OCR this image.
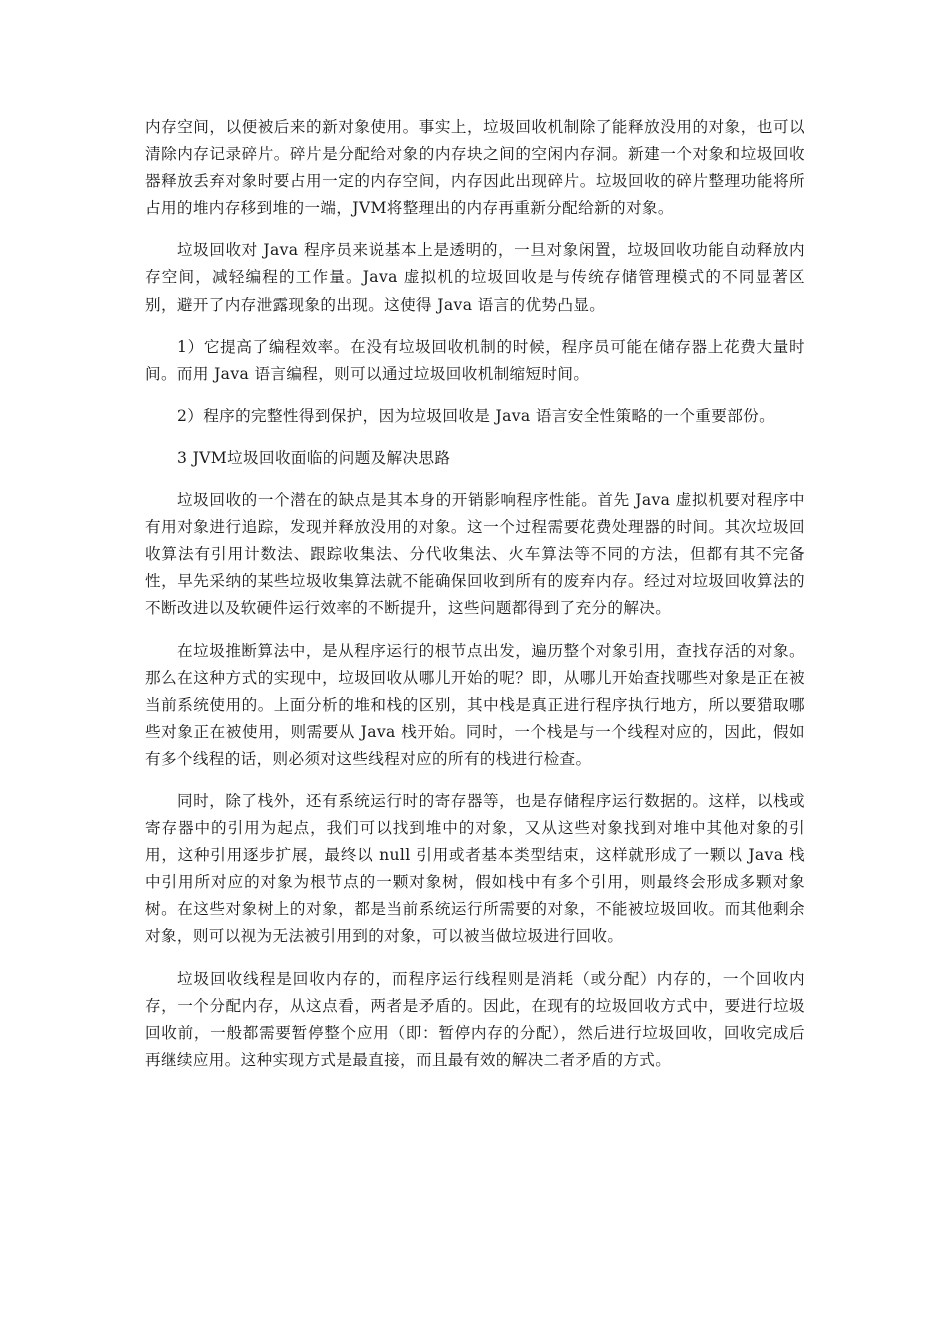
内存空间，以便被后来的新对象使用。事实上，垃圾回收机制除了能释放没用的对象，也可以清除内存记录碎片。碎片是分配给对象的内存块之间的空闲内存洞。新建一个对象和垃圾回收器释放丢弃对象时要占用一定的内存空间，内存因此出现碎片。垃圾回收的碎片整理功能将所占用的堆内存移到堆的一端，JVM将整理出的内存再重新分配给新的对象。

垃圾回收对 Java 程序员来说基本上是透明的，一旦对象闲置，垃圾回收功能自动释放内存空间，减轻编程的工作量。Java 虚拟机的垃圾回收是与传统存储管理模式的不同显著区别，避开了内存泄露现象的出现。这使得 Java 语言的优势凸显。

1）它提高了编程效率。在没有垃圾回收机制的时候，程序员可能在储存器上花费大量时间。而用 Java 语言编程，则可以通过垃圾回收机制缩短时间。

2）程序的完整性得到保护，因为垃圾回收是 Java 语言安全性策略的一个重要部份。

3 JVM垃圾回收面临的问题及解决思路

垃圾回收的一个潜在的缺点是其本身的开销影响程序性能。首先 Java 虚拟机要对程序中有用对象进行追踪，发现并释放没用的对象。这一个过程需要花费处理器的时间。其次垃圾回收算法有引用计数法、跟踪收集法、分代收集法、火车算法等不同的方法，但都有其不完备性，早先采纳的某些垃圾收集算法就不能确保回收到所有的废弃内存。经过对垃圾回收算法的不断改进以及软硬件运行效率的不断提升，这些问题都得到了充分的解决。

在垃圾推断算法中，是从程序运行的根节点出发，遍历整个对象引用，查找存活的对象。那么在这种方式的实现中，垃圾回收从哪儿开始的呢？即，从哪儿开始查找哪些对象是正在被当前系统使用的。上面分析的堆和栈的区别，其中栈是真正进行程序执行地方，所以要猎取哪些对象正在被使用，则需要从 Java 栈开始。同时，一个栈是与一个线程对应的，因此，假如有多个线程的话，则必须对这些线程对应的所有的栈进行检查。

同时，除了栈外，还有系统运行时的寄存器等，也是存储程序运行数据的。这样，以栈或寄存器中的引用为起点，我们可以找到堆中的对象，又从这些对象找到对堆中其他对象的引用，这种引用逐步扩展，最终以 null 引用或者基本类型结束，这样就形成了一颗以 Java 栈中引用所对应的对象为根节点的一颗对象树，假如栈中有多个引用，则最终会形成多颗对象树。在这些对象树上的对象，都是当前系统运行所需要的对象，不能被垃圾回收。而其他剩余对象，则可以视为无法被引用到的对象，可以被当做垃圾进行回收。

垃圾回收线程是回收内存的，而程序运行线程则是消耗（或分配）内存的，一个回收内存，一个分配内存，从这点看，两者是矛盾的。因此，在现有的垃圾回收方式中，要进行垃圾回收前，一般都需要暂停整个应用（即：暂停内存的分配），然后进行垃圾回收，回收完成后再继续应用。这种实现方式是最直接，而且最有效的解决二者矛盾的方式。
